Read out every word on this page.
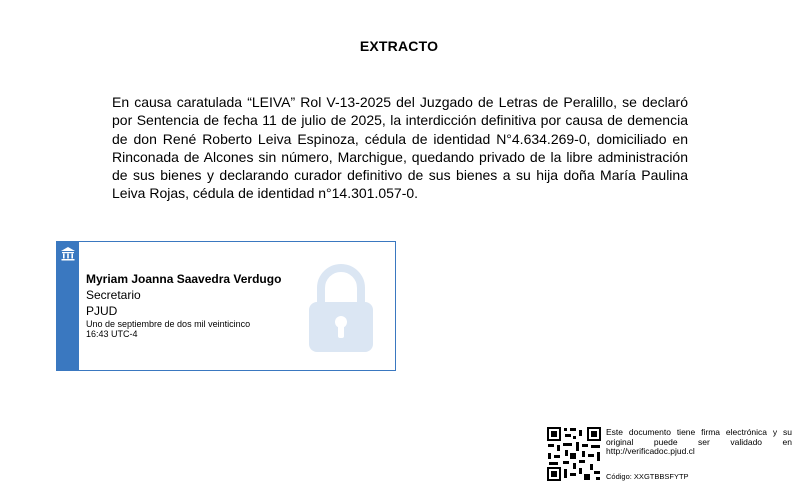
EXTRACTO
En causa caratulada “LEIVA” Rol V-13-2025 del Juzgado de Letras de Peralillo, se declaró por Sentencia de fecha 11 de julio de 2025, la interdicción definitiva por causa de demencia de don René Roberto Leiva Espinoza, cédula de identidad N°4.634.269-0, domiciliado en Rinconada de Alcones sin número, Marchigue, quedando privado de la libre administración de sus bienes y declarando curador definitivo de sus bienes a su hija doña María Paulina Leiva Rojas, cédula de identidad n°14.301.057-0.
Myriam Joanna Saavedra Verdugo
Secretario
PJUD
Uno de septiembre de dos mil veinticinco
16:43 UTC-4
Este documento tiene firma electrónica y su original puede ser validado en http://verificadoc.pjud.cl
Código: XXGTBBSFYTP
